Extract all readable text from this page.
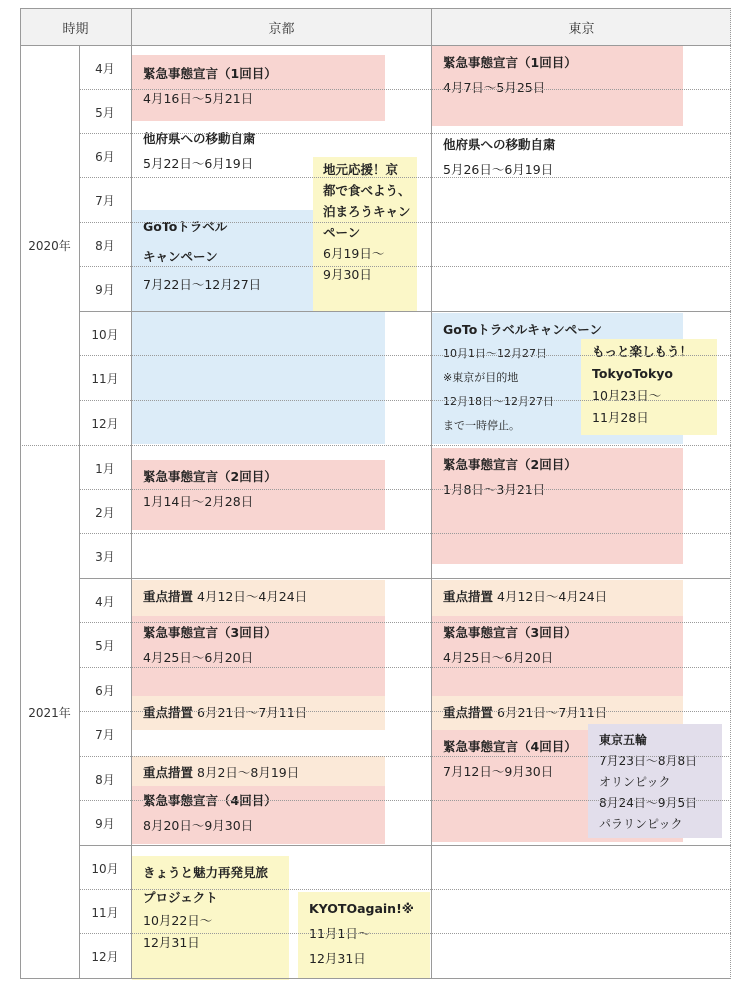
時期	京都	東京
緊急事態宣言（1回目）
4月16日～5月21日
他府県への移動自粛
5月22日～6月19日
GoToトラベル
キャンペーン
7月22日～12月27日
地元応援！京
都で食べよう、
泊まろうキャン
ペーン
6月19日～
9月30日
緊急事態宣言（2回目）
1月14日～2月28日
重点措置 4月12日～4月24日
緊急事態宣言（3回目）
4月25日～6月20日
重点措置 6月21日～7月11日
重点措置 8月2日～8月19日
緊急事態宣言（4回目）
8月20日～9月30日
きょうと魅力再発見旅
プロジェクト
10月22日～
12月31日
KYOTOagain!※
11月1日～
12月31日
緊急事態宣言（1回目）
4月7日～5月25日
他府県への移動自粛
5月26日～6月19日
GoToトラベルキャンペーン
10月1日～12月27日
※東京が目的地
12月18日～12月27日
まで一時停止。
もっと楽しもう！
TokyoTokyo
10月23日～
11月28日
緊急事態宣言（2回目）
1月8日～3月21日
重点措置 4月12日～4月24日
緊急事態宣言（3回目）
4月25日～6月20日
重点措置 6月21日～7月11日
緊急事態宣言（4回目）
7月12日～9月30日
東京五輪
7月23日～8月8日
オリンピック
8月24日～9月5日
パラリンピック
2020年
2021年
4月
5月
6月
7月
8月
9月
10月
11月
12月
1月
2月
3月
4月
5月
6月
7月
8月
9月
10月
11月
12月
